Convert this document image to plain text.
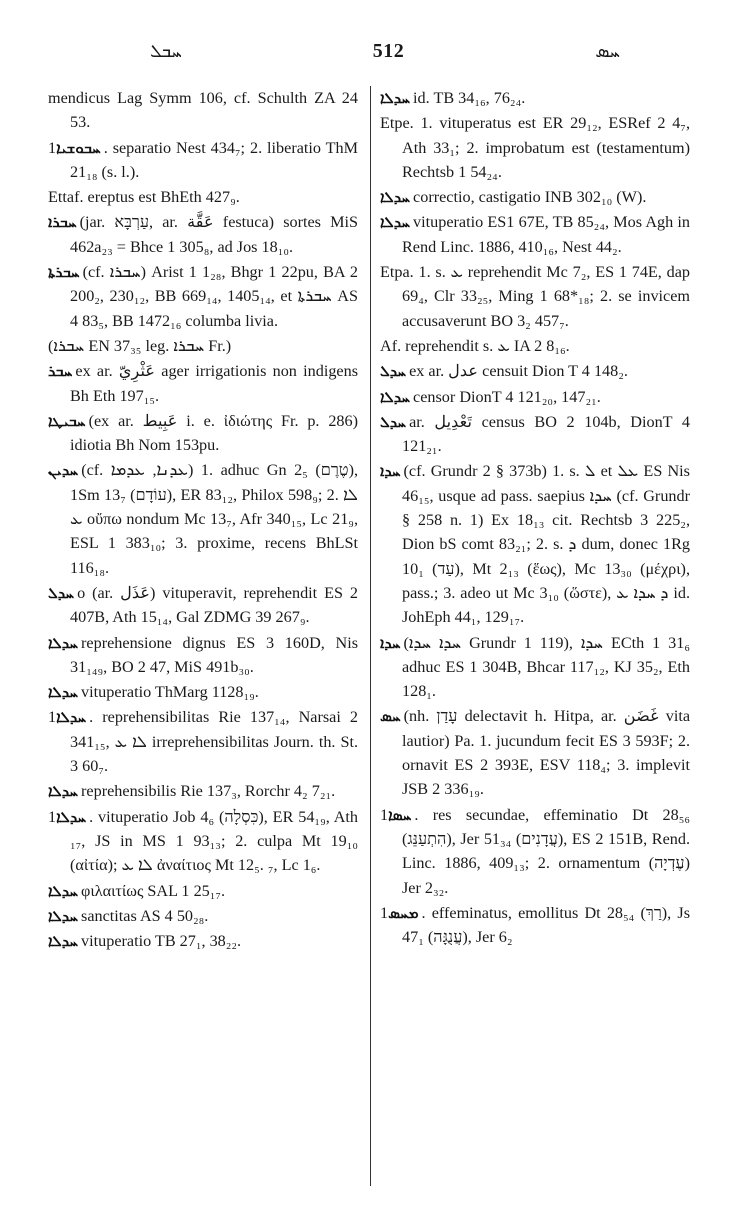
ܚܒܠ	512	ܚܣ
mendicus Lag Symm 106, cf. Schulth ZA 24 53.
ܚܒܘܫܝܐ1. separatio Nest 434₇; 2. liberatio ThM 21₁₈ (s. l.).
Ettaf. ereptus est BhEth 427₉.
ܚܒܪܐ (jar. עַרְבָּא, ar. عَقَّة festuca) sortes MiS 462a₂₃ = Bhce 1 305₈, ad Jos 18₁₀.
ܚܒܪܬܐ (cf. ܚܒܪܐ) Arist 1 1₂₈, Bhgr 1 22pu, BA 2 200₂, 230₁₂, BB 669₁₄, 1405₁₄, et ܚܒܪܬܐ AS 4 83₅, BB 1472₁₆ columba livia.
(ܚܒܪܐ EN 37₃₅ leg. ܚܒܪܐ Fr.)
ܚܒܪ ex ar. عَثْرِيّ ager irrigationis non indigens Bh Eth 197₁₅.
ܚܒܝܛܐ (ex ar. عَبِيط i. e. ἰδιώτης Fr. p. 286) idiotia Bh Nom 153pu.
ܚܕܝܢ (cf. ܥܕܢܐ, ܥܕܡܐ) 1. adhuc Gn 2₅ (טֶרֶם), 1Sm 13₇ (עוֹדָם), ER 83₁₂, Philox 598₉; 2. ܠܐ ܥ οὔπω nondum Mc 13₇, Afr 340₁₅, Lc 21₉, ESL 1 383₁₀; 3. proxime, recens BhLSt 116₁₈.
ܚܕܠ o (ar. عَذَل) vituperavit, reprehendit ES 2 407B, Ath 15₁₄, Gal ZDMG 39 267₉.
ܚܕܠܐ reprehensione dignus ES 3 160D, Nis 31₁₄₉, BO 2 47, MiS 491b₃₀.
ܚܕܠܐ vituperatio ThMarg 1128₁₉.
ܚܕܠܐ1. reprehensibilitas Rie 137₁₄, Narsai 2 341₁₅, ܠܐ ܥ irreprehensibilitas Journ. th. St. 3 60₇.
ܚܕܠܐ reprehensibilis Rie 137₃, Rorchr 4₂ 7₂₁.
ܚܕܠܐ1. vituperatio Job 4₆ (כִּסְלָה), ER 54₁₉, Ath ₁₇, JS in MS 1 93₁₃; 2. culpa Mt 19₁₀ (αἰτία); ܠܐ ܥ ἀναίτιος Mt 12₅. ₇, Lc 1₆.
ܚܕܠܐ φιλαιτίως SAL 1 25₁₇.
ܚܕܠܐ sanctitas AS 4 50₂₈.
ܚܕܠܐ vituperatio TB 27₁, 38₂₂.
ܚܕܠܐ id. TB 34₁₆, 76₂₄.
Etpe. 1. vituperatus est ER 29₁₂, ESRef 2 4₇, Ath 33₁; 2. improbatum est (testamentum) Rechtsb 1 54₂₄.
ܚܕܠܐ correctio, castigatio INB 302₁₀ (W).
ܚܕܠܐ vituperatio ES1 67E, TB 85₂₄, Mos Agh in Rend Linc. 1886, 410₁₆, Nest 44₂.
Etpa. 1. s. ܥ reprehendit Mc 7₂, ES 1 74E, dap 69₄, Clr 33₂₅, Ming 1 68*₁₈; 2. se invicem accusaverunt BO 3₂ 457₇.
Af. reprehendit s. ܥ IA 2 8₁₆.
ܚܕܠ ex ar. عدل censuit Dion T 4 148₂.
ܚܕܠܐ censor DionT 4 121₂₀, 147₂₁.
ܚܕܠ ar. تَعْدِيل census BO 2 104b, DionT 4 121₂₁.
ܚܕܐ (cf. Grundr 2 § 373b) 1. s. ܠ et ܥܠ ES Nis 46₁₅, usque ad pass. saepius ܚܕܐ (cf. Grundr § 258 n. 1) Ex 18₁₃ cit. Rechtsb 3 225₂, Dion bS comt 83₂₁; 2. s. ܕ dum, donec 1Rg 10₁ (עַד), Mt 2₁₃ (ἕως), Mc 13₃₀ (μέχρι), pass.; 3. adeo ut Mc 3₁₀ (ὥστε), ܕ ܚܕܐ ܥ id. JohEph 44₁, 129₁₇.
ܚܕܐ (ܚܕܐ ܚܕܐ Grundr 1 119), ܚܕܐ ECth 1 31₆ adhuc ES 1 304B, Bhcar 117₁₂, KJ 35₂, Eth 128₁.
ܚܣ (nh. עָדַן delectavit h. Hitpa, ar. غَضَن vita lautior) Pa. 1. jucundum fecit ES 3 593F; 2. ornavit ES 2 393E, ESV 118₄; 3. implevit JSB 2 336₁₉.
ܚܣܐ1. res secundae, effeminatio Dt 28₅₆ (הִתְעַנֵּג), Jer 51₃₄ (עֲדָנִים), ES 2 151B, Rend. Linc. 1886, 409₁₃; 2. ornamentum (עֶדְיָה) Jer 2₃₂.
ܡܚܣ1. effeminatus, emollitus Dt 28₅₄ (רַךְ), Js 47₁ (עֲנֻגָּה), Jer 6₂
